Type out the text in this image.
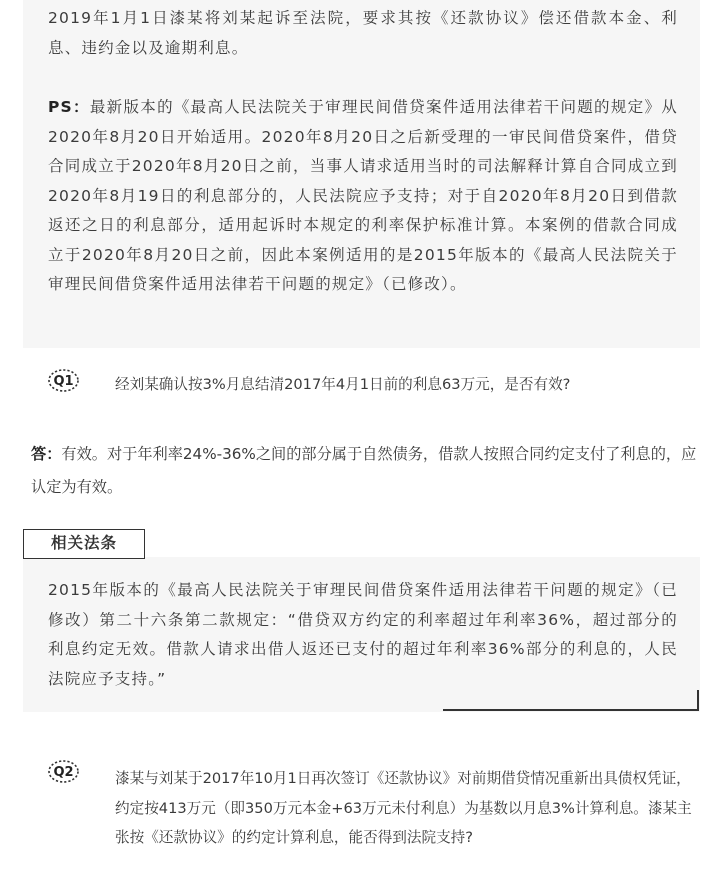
2019年1月1日漆某将刘某起诉至法院，要求其按《还款协议》偿还借款本金、利息、违约金以及逾期利息。

PS：最新版本的《最高人民法院关于审理民间借贷案件适用法律若干问题的规定》从2020年8月20日开始适用。2020年8月20日之后新受理的一审民间借贷案件，借贷合同成立于2020年8月20日之前，当事人请求适用当时的司法解释计算自合同成立到2020年8月19日的利息部分的，人民法院应予支持；对于自2020年8月20日到借款返还之日的利息部分，适用起诉时本规定的利率保护标准计算。本案例的借款合同成立于2020年8月20日之前，因此本案例适用的是2015年版本的《最高人民法院关于审理民间借贷案件适用法律若干问题的规定》（已修改）。

Q1	经刘某确认按3%月息结清2017年4月1日前的利息63万元，是否有效?

答：有效。对于年利率24%-36%之间的部分属于自然债务，借款人按照合同约定支付了利息的，应认定为有效。

相关法条

2015年版本的《最高人民法院关于审理民间借贷案件适用法律若干问题的规定》（已修改）第二十六条第二款规定：“借贷双方约定的利率超过年利率36%，超过部分的利息约定无效。借款人请求出借人返还已支付的超过年利率36%部分的利息的，人民法院应予支持。”

Q2	漆某与刘某于2017年10月1日再次签订《还款协议》对前期借贷情况重新出具债权凭证，约定按413万元（即350万元本金+63万元未付利息）为基数以月息3%计算利息。漆某主张按《还款协议》的约定计算利息，能否得到法院支持?
